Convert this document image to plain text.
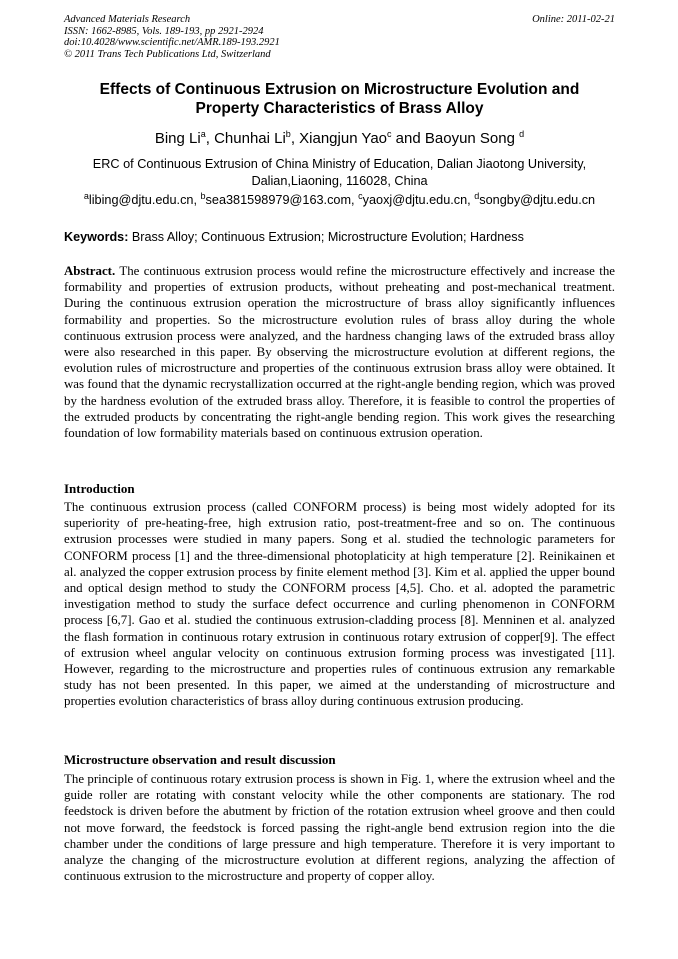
Advanced Materials Research
ISSN: 1662-8985, Vols. 189-193, pp 2921-2924
doi:10.4028/www.scientific.net/AMR.189-193.2921
© 2011 Trans Tech Publications Ltd, Switzerland
Online: 2011-02-21
Effects of Continuous Extrusion on Microstructure Evolution and
Property Characteristics of Brass Alloy
Bing Li$^a$, Chunhai Li$^b$, Xiangjun Yao$^c$ and Baoyun Song $^d$
ERC of Continuous Extrusion of China Ministry of Education, Dalian Jiaotong University,
Dalian,Liaoning, 116028, China
$^a$libing@djtu.edu.cn, $^b$sea381598979@163.com, $^c$yaoxj@djtu.edu.cn, $^d$songby@djtu.edu.cn
Keywords: Brass Alloy; Continuous Extrusion; Microstructure Evolution; Hardness
Abstract. The continuous extrusion process would refine the microstructure effectively and increase the formability and properties of extrusion products, without preheating and post-mechanical treatment. During the continuous extrusion operation the microstructure of brass alloy significantly influences formability and properties. So the microstructure evolution rules of brass alloy during the whole continuous extrusion process were analyzed, and the hardness changing laws of the extruded brass alloy were also researched in this paper. By observing the microstructure evolution at different regions, the evolution rules of microstructure and properties of the continuous extrusion brass alloy were obtained. It was found that the dynamic recrystallization occurred at the right-angle bending region, which was proved by the hardness evolution of the extruded brass alloy. Therefore, it is feasible to control the properties of the extruded products by concentrating the right-angle bending region. This work gives the researching foundation of low formability materials based on continuous extrusion operation.
Introduction
The continuous extrusion process (called CONFORM process) is being most widely adopted for its superiority of pre-heating-free, high extrusion ratio, post-treatment-free and so on. The continuous extrusion processes were studied in many papers. Song et al. studied the technologic parameters for CONFORM process [1] and the three-dimensional photoplaticity at high temperature [2]. Reinikainen et al. analyzed the copper extrusion process by finite element method [3]. Kim et al. applied the upper bound and optical design method to study the CONFORM process [4,5]. Cho. et al. adopted the parametric investigation method to study the surface defect occurrence and curling phenomenon in CONFORM process [6,7]. Gao et al. studied the continuous extrusion-cladding process [8]. Menninen et al. analyzed the flash formation in continuous rotary extrusion in continuous rotary extrusion of copper[9]. The effect of extrusion wheel angular velocity on continuous extrusion forming process was investigated [11]. However, regarding to the microstructure and properties rules of continuous extrusion any remarkable study has not been presented. In this paper, we aimed at the understanding of microstructure and properties evolution characteristics of brass alloy during continuous extrusion producing.
Microstructure observation and result discussion
The principle of continuous rotary extrusion process is shown in Fig. 1, where the extrusion wheel and the guide roller are rotating with constant velocity while the other components are stationary. The rod feedstock is driven before the abutment by friction of the rotation extrusion wheel groove and then could not move forward, the feedstock is forced passing the right-angle bend extrusion region into the die chamber under the conditions of large pressure and high temperature. Therefore it is very important to analyze the changing of the microstructure evolution at different regions, analyzing the affection of continuous extrusion to the microstructure and property of copper alloy.
